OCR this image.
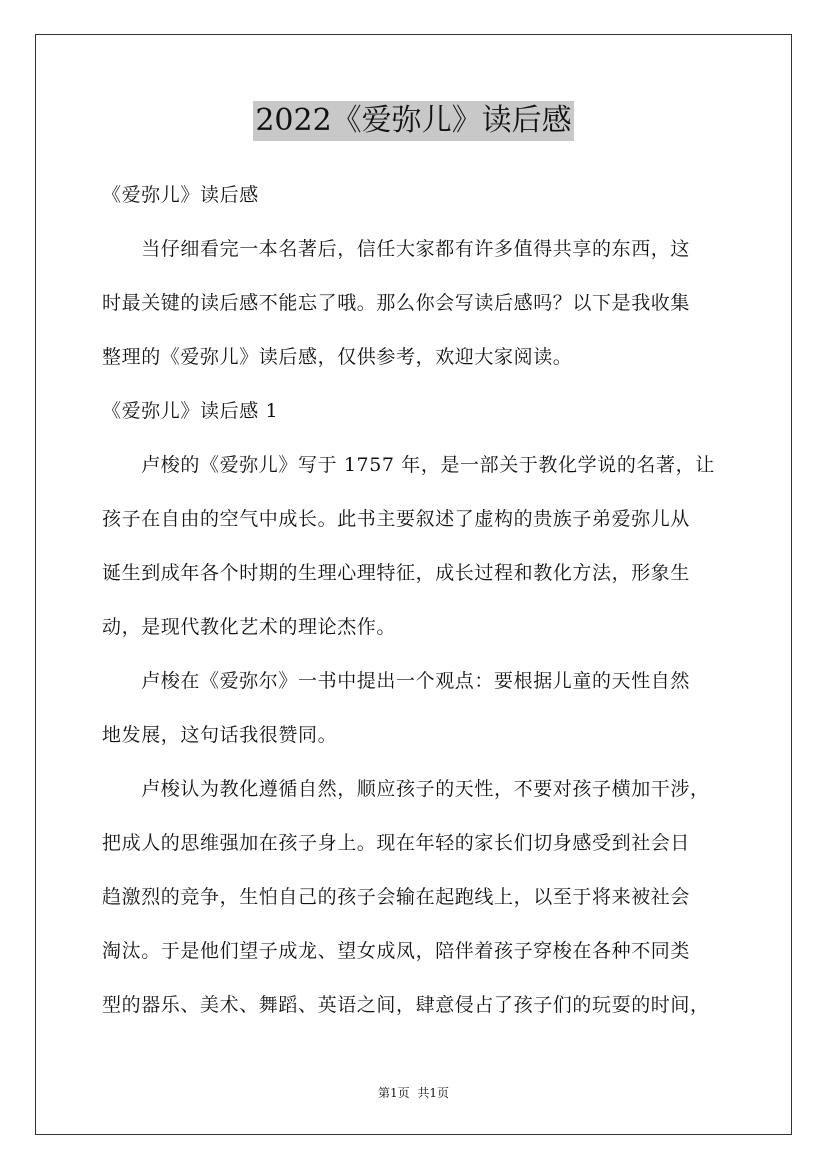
2022《爱弥儿》读后感
《爱弥儿》读后感
　　当仔细看完一本名著后，信任大家都有许多值得共享的东西，这
时最关键的读后感不能忘了哦。那么你会写读后感吗？以下是我收集
整理的《爱弥儿》读后感，仅供参考，欢迎大家阅读。
《爱弥儿》读后感 1
　　卢梭的《爱弥儿》写于 1757 年，是一部关于教化学说的名著，让
孩子在自由的空气中成长。此书主要叙述了虚构的贵族子弟爱弥儿从
诞生到成年各个时期的生理心理特征，成长过程和教化方法，形象生
动，是现代教化艺术的理论杰作。
　　卢梭在《爱弥尔》一书中提出一个观点：要根据儿童的天性自然
地发展，这句话我很赞同。
　　卢梭认为教化遵循自然，顺应孩子的天性，不要对孩子横加干涉，
把成人的思维强加在孩子身上。现在年轻的家长们切身感受到社会日
趋激烈的竞争，生怕自己的孩子会输在起跑线上，以至于将来被社会
淘汰。于是他们望子成龙、望女成凤，陪伴着孩子穿梭在各种不同类
型的器乐、美术、舞蹈、英语之间，肆意侵占了孩子们的玩耍的时间，
第1页 共1页
